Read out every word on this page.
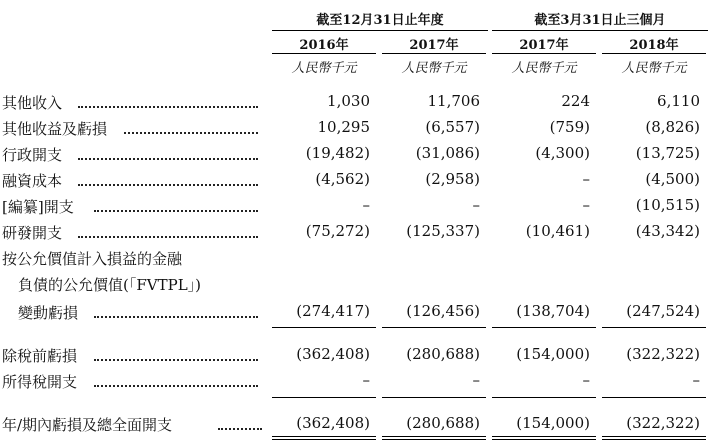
截至12月31日止年度	截至3月31日止三個月
2016年	2017年	2017年	2018年
人民幣千元	人民幣千元	人民幣千元	人民幣千元
其他收入	1,030	11,706	224	6,110
其他收益及虧損	10,295	(6,557)	(759)	(8,826)
行政開支	(19,482)	(31,086)	(4,300)	(13,725)
融資成本	(4,562)	(2,958)	–	(4,500)
[編纂]開支	–	–	–	(10,515)
研發開支	(75,272)	(125,337)	(10,461)	(43,342)
按公允價值計入損益的金融
負債的公允價值(「FVTPL」)
變動虧損	(274,417)	(126,456)	(138,704)	(247,524)
除稅前虧損	(362,408)	(280,688)	(154,000)	(322,322)
所得稅開支	–	–	–	–
年/期內虧損及總全面開支	(362,408)	(280,688)	(154,000)	(322,322)
